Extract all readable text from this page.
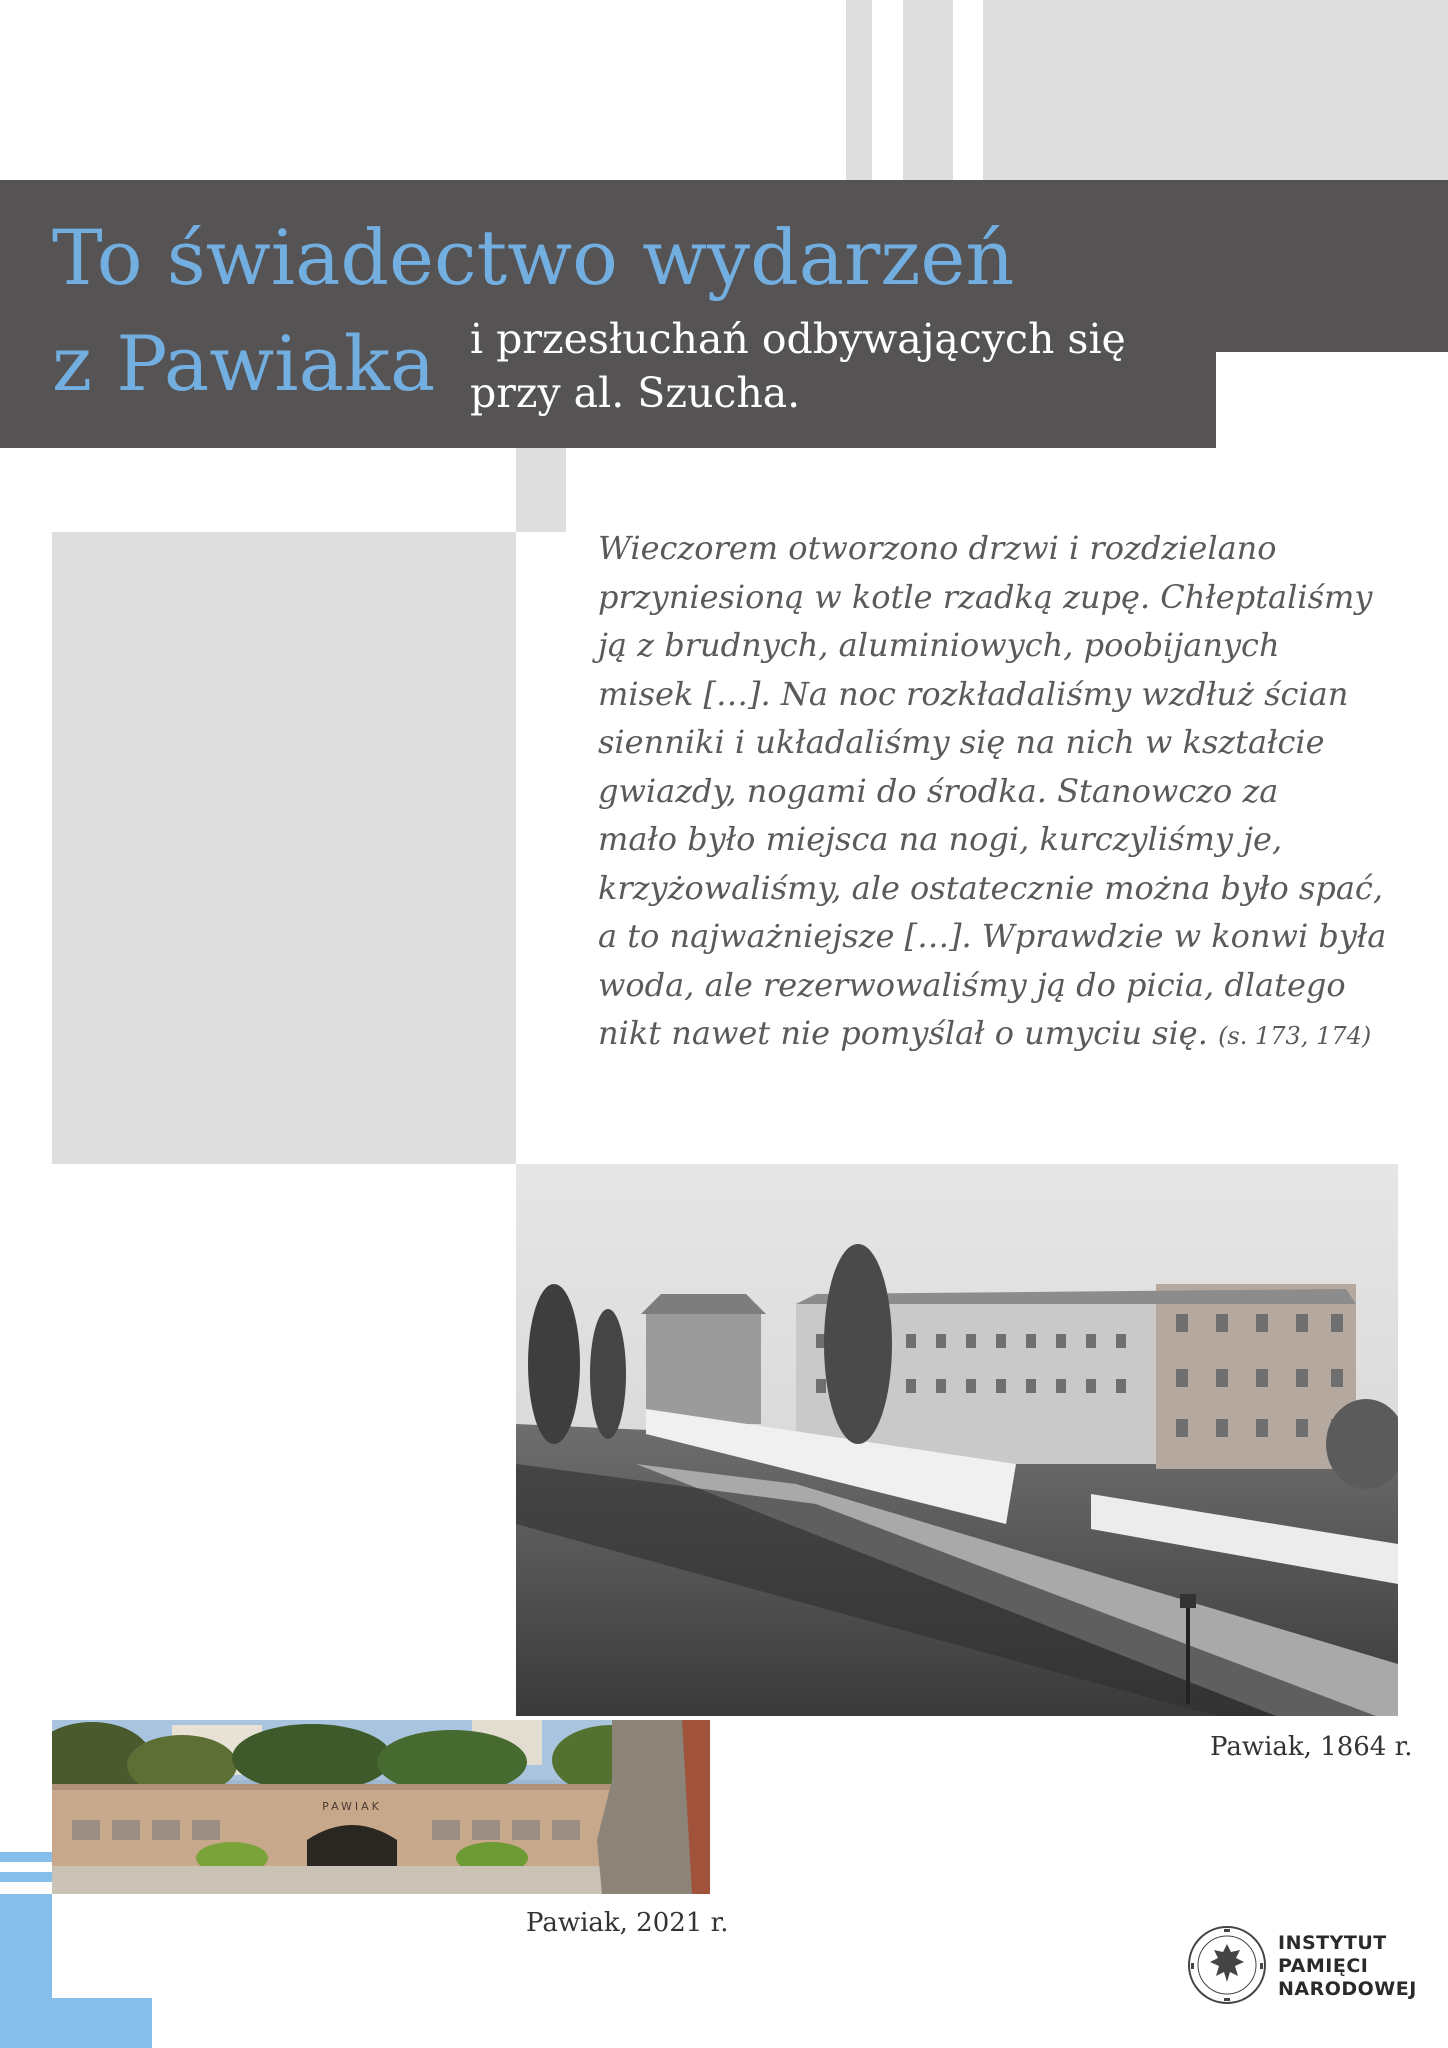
To świadectwo wydarzeń
z Pawiaka i przesłuchań odbywających się
przy al. Szucha.
Wieczorem otworzono drzwi i rozdzielano
przyniesioną w kotle rzadką zupę. Chłeptaliśmy
ją z brudnych, aluminiowych, poobijanych
misek […]. Na noc rozkładaliśmy wzdłuż ścian
sienniki i układaliśmy się na nich w kształcie
gwiazdy, nogami do środka. Stanowczo za
mało było miejsca na nogi, kurczyliśmy je,
krzyżowaliśmy, ale ostatecznie można było spać,
a to najważniejsze […]. Wprawdzie w konwi była
woda, ale rezerwowaliśmy ją do picia, dlatego
nikt nawet nie pomyślał o umyciu się. (s. 173, 174)
Pawiak, 1864 r.
PAWIAK
Pawiak, 2021 r.
INSTYTUT
PAMIĘCI
NARODOWEJ
